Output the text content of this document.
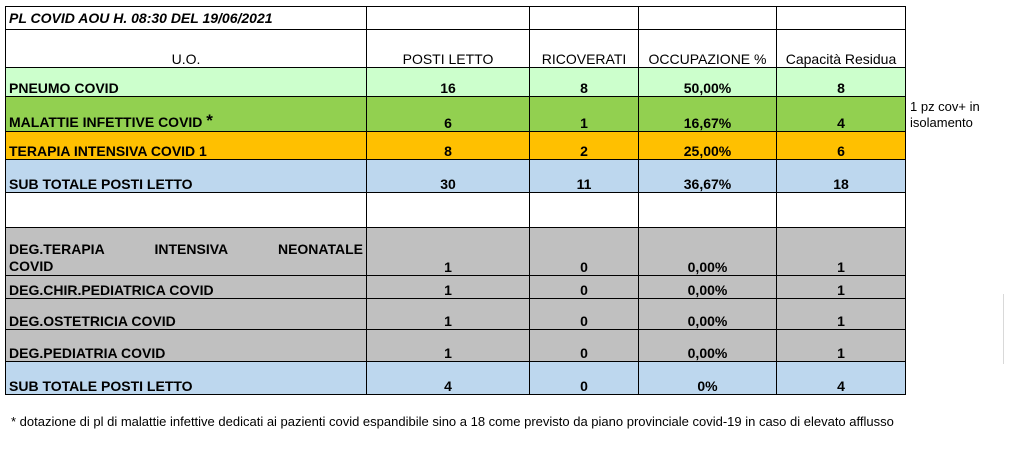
PL COVID AOU H. 08:30 DEL 19/06/2021				
U.O.	POSTI LETTO	RICOVERATI	OCCUPAZIONE %	Capacità Residua
PNEUMO COVID	16	8	50,00%	8
MALATTIE INFETTIVE COVID *	6	1	16,67%	4
TERAPIA INTENSIVA COVID 1	8	2	25,00%	6
SUB TOTALE POSTI LETTO	30	11	36,67%	18

DEG.TERAPIA INTENSIVA NEONATALE
COVID	1	0	0,00%	1
DEG.CHIR.PEDIATRICA COVID	1	0	0,00%	1
DEG.OSTETRICIA COVID	1	0	0,00%	1
DEG.PEDIATRIA COVID	1	0	0,00%	1
SUB TOTALE POSTI LETTO	4	0	0%	4
1 pz cov+ in isolamento
* dotazione di pl di malattie infettive dedicati ai pazienti covid espandibile sino a 18 come previsto da piano provinciale covid-19 in caso di elevato afflusso
